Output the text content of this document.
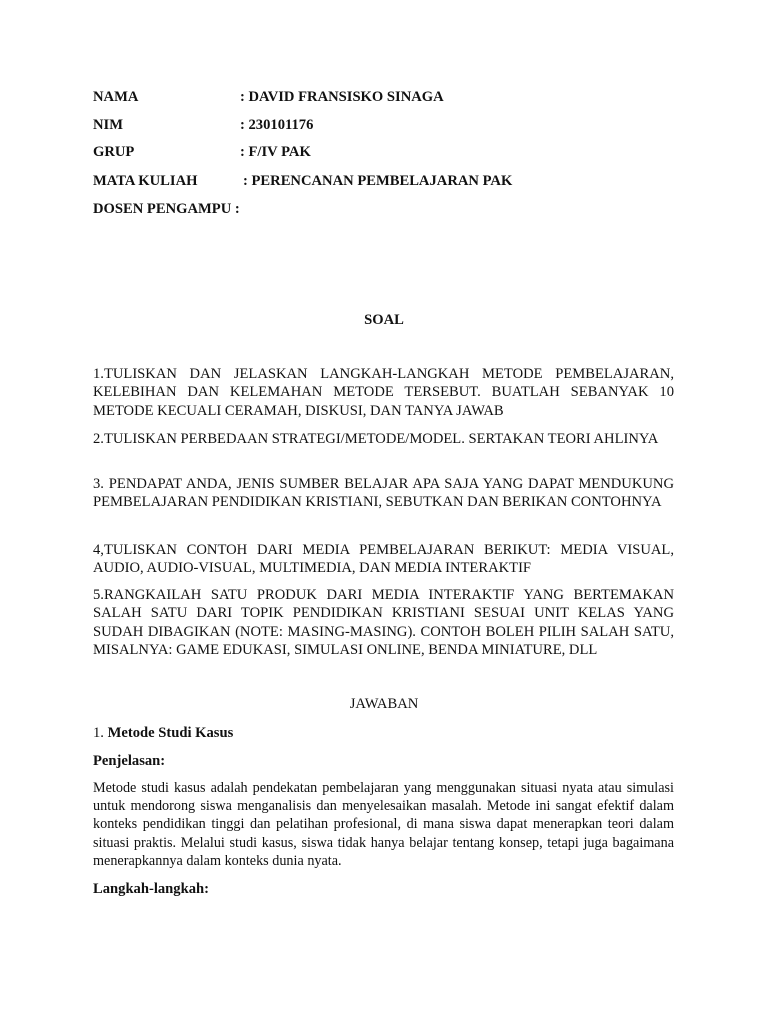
NAMA	: DAVID FRANSISKO SINAGA
NIM	: 230101176
GRUP	: F/IV PAK
MATA KULIAH	: PERENCANAN PEMBELAJARAN PAK
DOSEN PENGAMPU :
SOAL

1.TULISKAN DAN JELASKAN LANGKAH-LANGKAH METODE PEMBELAJARAN, KELEBIHAN DAN KELEMAHAN METODE TERSEBUT. BUATLAH SEBANYAK 10 METODE KECUALI CERAMAH, DISKUSI, DAN TANYA JAWAB

2.TULISKAN PERBEDAAN STRATEGI/METODE/MODEL. SERTAKAN TEORI AHLINYA

3. PENDAPAT ANDA, JENIS SUMBER BELAJAR APA SAJA YANG DAPAT MENDUKUNG PEMBELAJARAN PENDIDIKAN KRISTIANI, SEBUTKAN DAN BERIKAN CONTOHNYA

4,TULISKAN CONTOH DARI MEDIA PEMBELAJARAN BERIKUT: MEDIA VISUAL, AUDIO, AUDIO-VISUAL, MULTIMEDIA, DAN MEDIA INTERAKTIF

5.RANGKAILAH SATU PRODUK DARI MEDIA INTERAKTIF YANG BERTEMAKAN SALAH SATU DARI TOPIK PENDIDIKAN KRISTIANI SESUAI UNIT KELAS YANG SUDAH DIBAGIKAN (NOTE: MASING-MASING). CONTOH BOLEH PILIH SALAH SATU, MISALNYA: GAME EDUKASI, SIMULASI ONLINE, BENDA MINIATURE, DLL

JAWABAN
1. Metode Studi Kasus
Penjelasan:

Metode studi kasus adalah pendekatan pembelajaran yang menggunakan situasi nyata atau simulasi untuk mendorong siswa menganalisis dan menyelesaikan masalah. Metode ini sangat efektif dalam konteks pendidikan tinggi dan pelatihan profesional, di mana siswa dapat menerapkan teori dalam situasi praktis. Melalui studi kasus, siswa tidak hanya belajar tentang konsep, tetapi juga bagaimana menerapkannya dalam konteks dunia nyata.

Langkah-langkah:
